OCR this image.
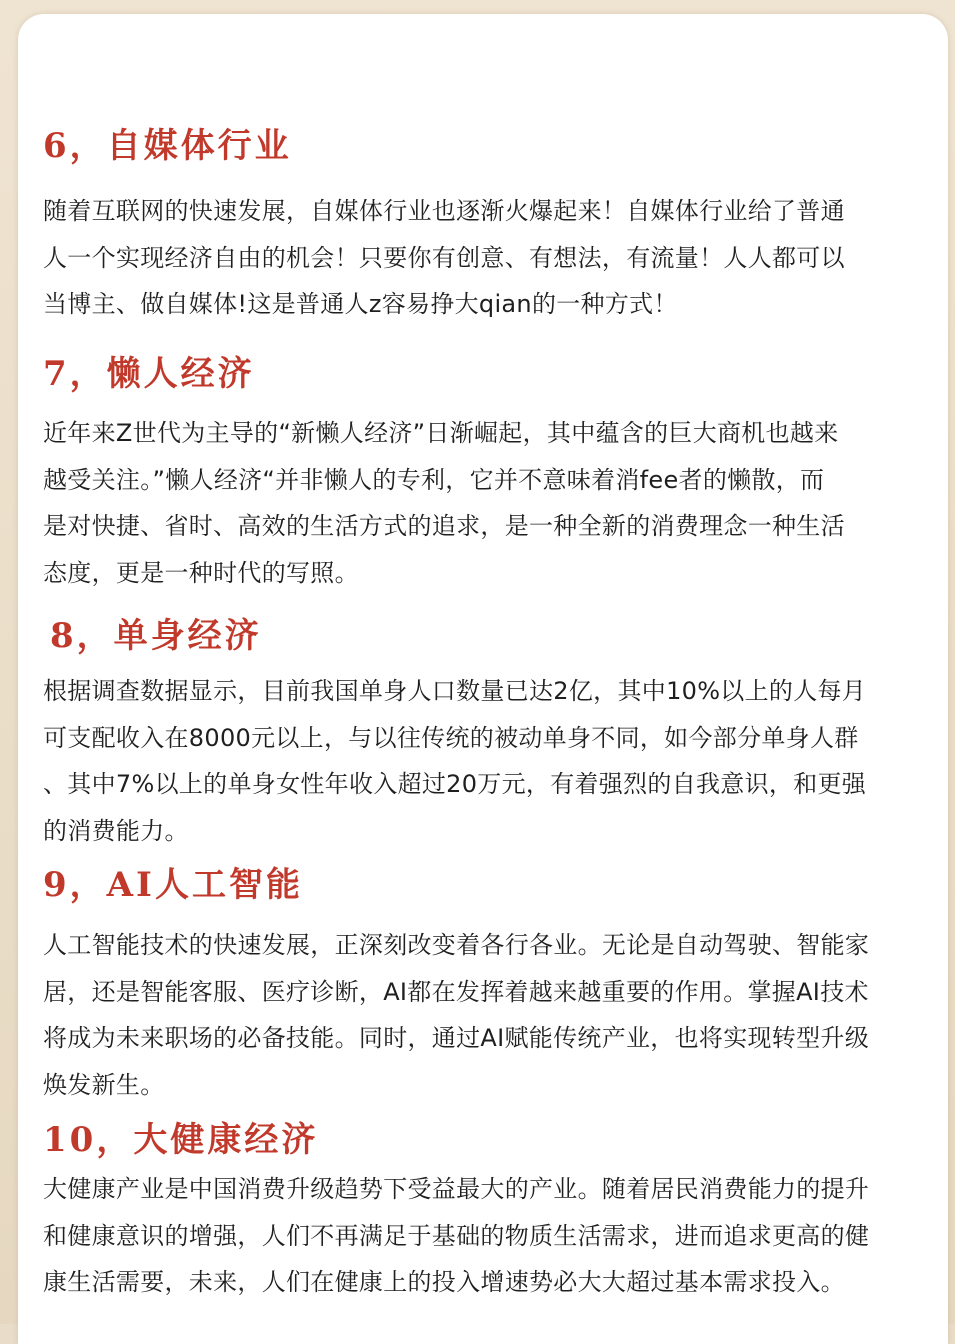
6，自媒体行业
随着互联网的快速发展，自媒体行业也逐渐火爆起来！自媒体行业给了普通
人一个实现经济自由的机会！只要你有创意、有想法，有流量！人人都可以
当博主、做自媒体!这是普通人z容易挣大qian的一种方式！
7，懒人经济
近年来Z世代为主导的“新懒人经济”日渐崛起，其中蕴含的巨大商机也越来
越受关注。”懒人经济“并非懒人的专利，它并不意味着消fee者的懒散，而
是对快捷、省时、高效的生活方式的追求，是一种全新的消费理念一种生活
态度，更是一种时代的写照。
8，单身经济
根据调查数据显示，目前我国单身人口数量已达2亿，其中10%以上的人每月
可支配收入在8000元以上，与以往传统的被动单身不同，如今部分单身人群
、其中7%以上的单身女性年收入超过20万元，有着强烈的自我意识，和更强
的消费能力。
9，AI人工智能
人工智能技术的快速发展，正深刻改变着各行各业。无论是自动驾驶、智能家
居，还是智能客服、医疗诊断，AI都在发挥着越来越重要的作用。掌握AI技术
将成为未来职场的必备技能。同时，通过AI赋能传统产业，也将实现转型升级
焕发新生。
10，大健康经济
大健康产业是中国消费升级趋势下受益最大的产业。随着居民消费能力的提升
和健康意识的增强，人们不再满足于基础的物质生活需求，进而追求更高的健
康生活需要，未来，人们在健康上的投入增速势必大大超过基本需求投入。
